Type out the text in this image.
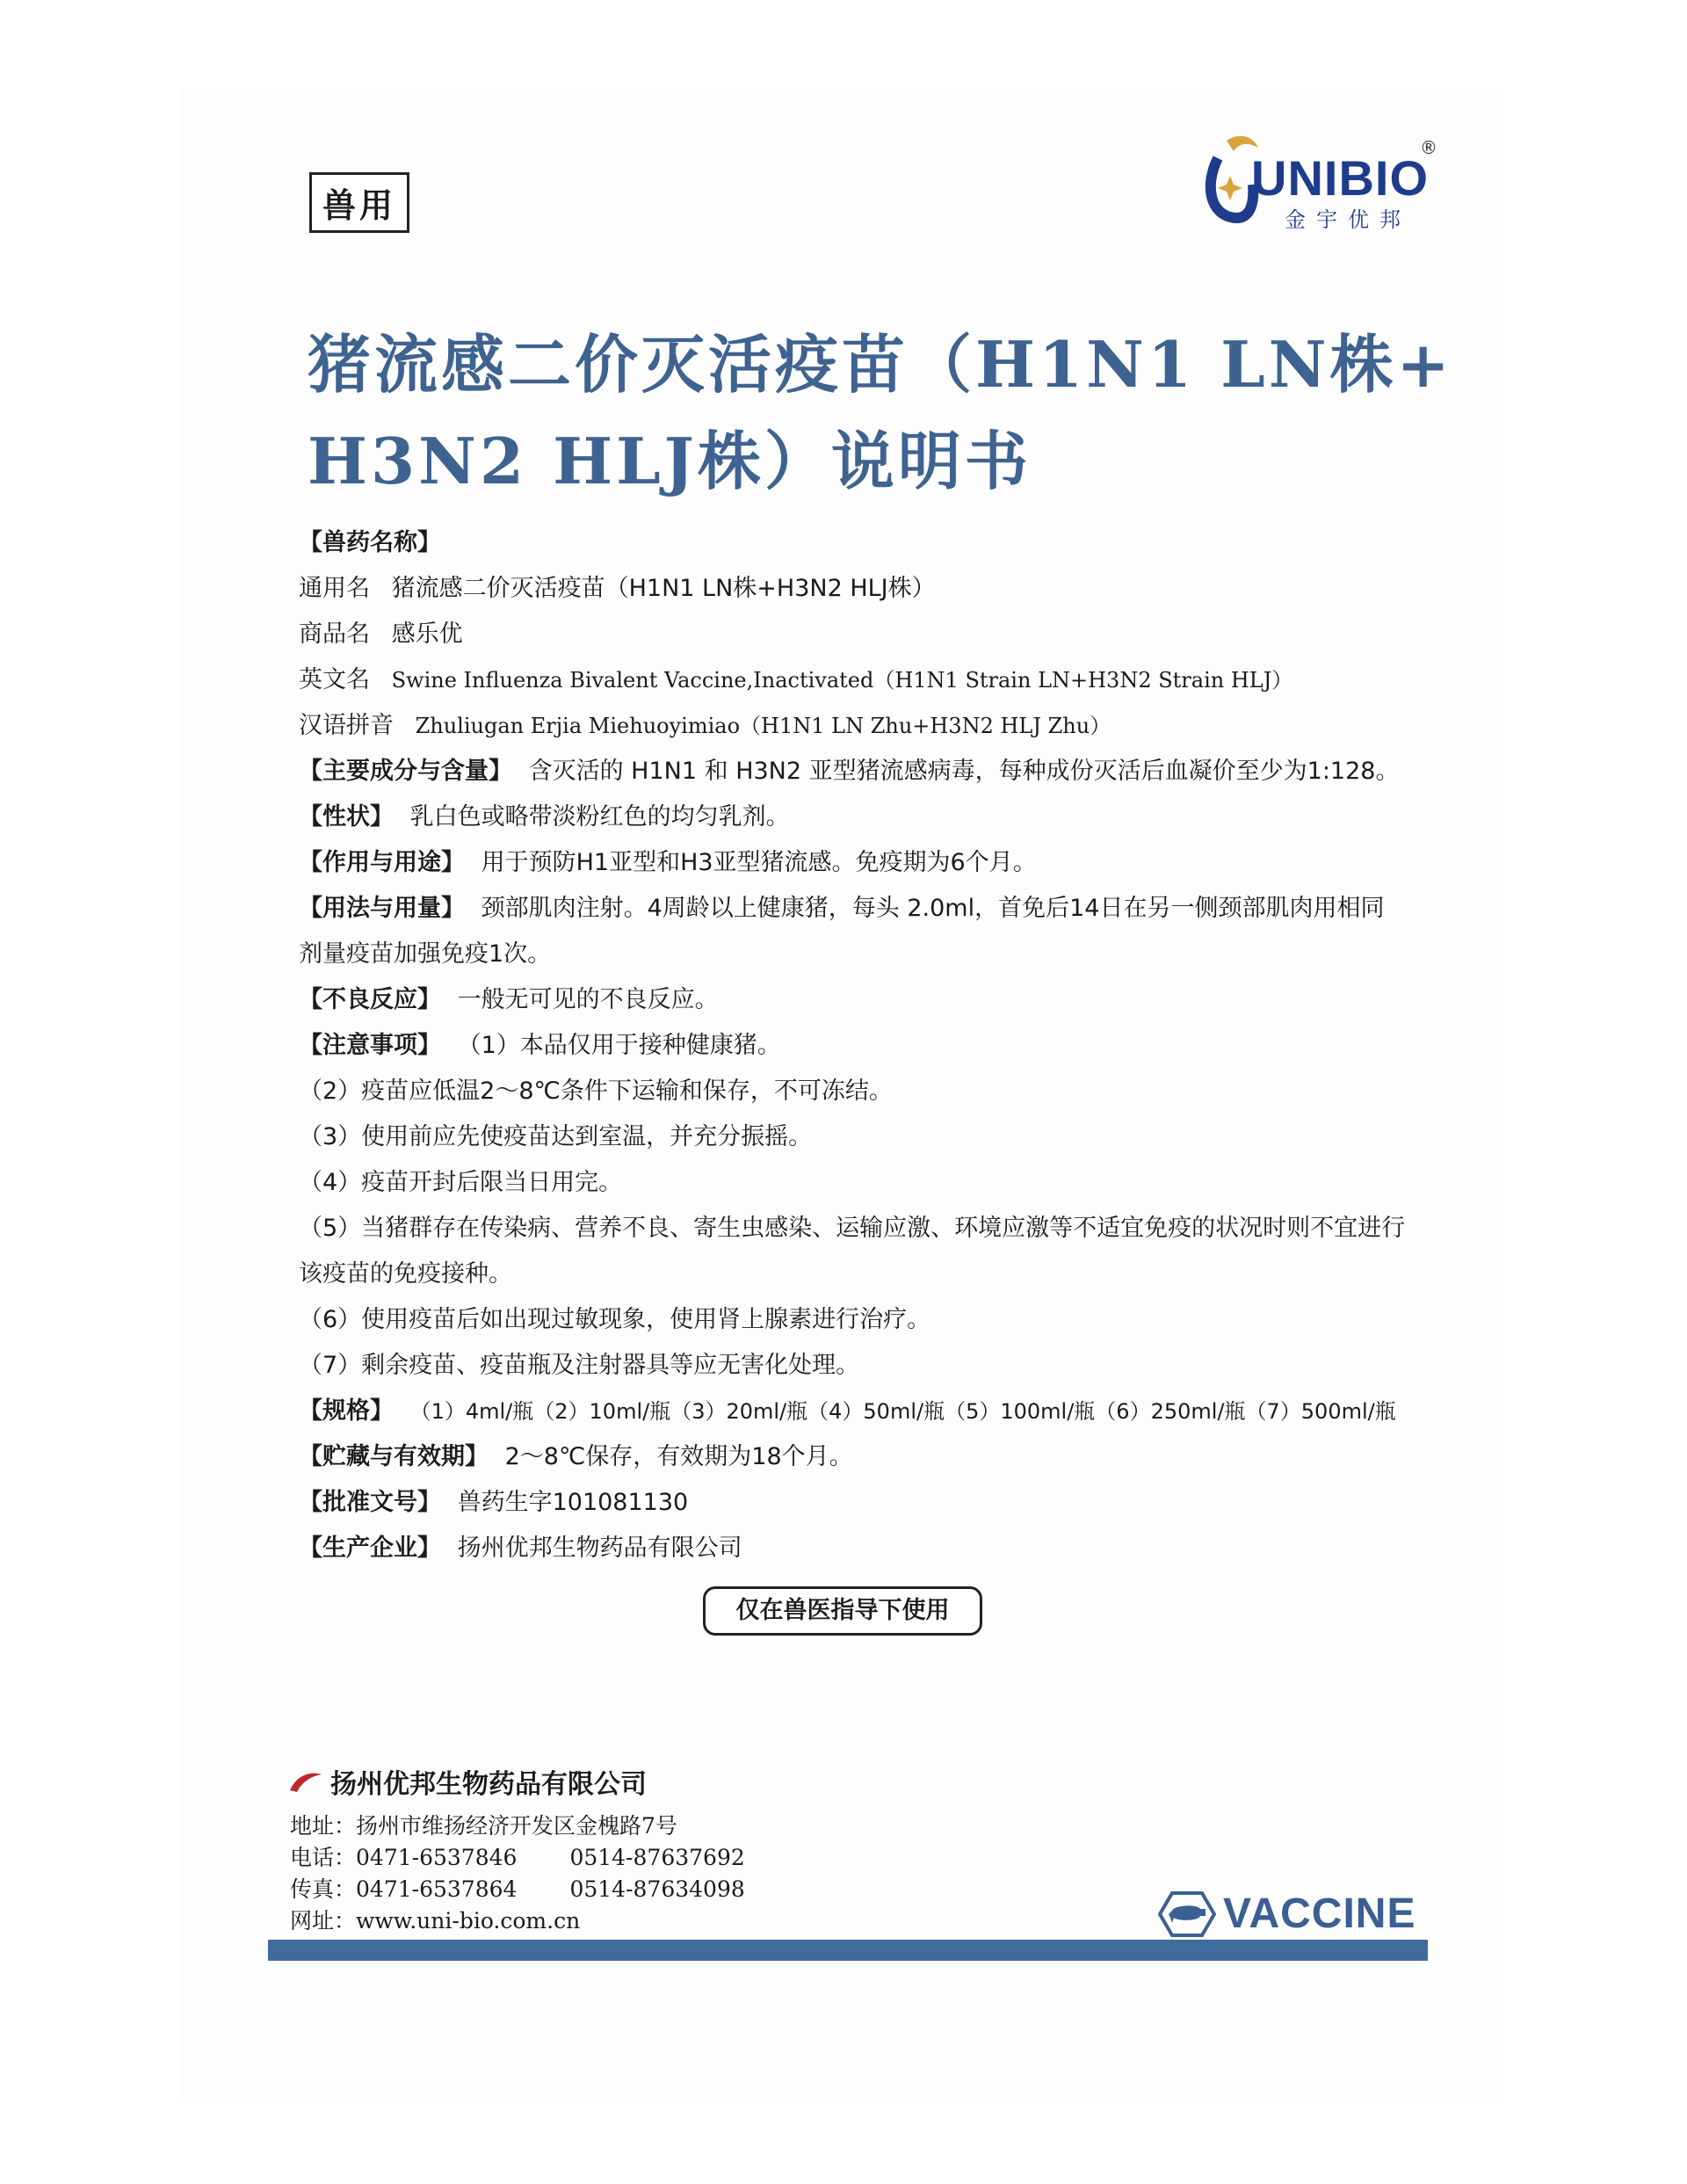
兽用	UNIBIO
®
金宇优邦
猪流感二价灭活疫苗（H1N1 LN株+
H3N2 HLJ株）说明书
【兽药名称】
通用名 猪流感二价灭活疫苗（H1N1 LN株+H3N2 HLJ株）
商品名 感乐优
英文名 Swine Influenza Bivalent Vaccine,Inactivated（H1N1 Strain LN+H3N2 Strain HLJ）
汉语拼音 Zhuliugan Erjia Miehuoyimiao（H1N1 LN Zhu+H3N2 HLJ Zhu）
【主要成分与含量】 含灭活的 H1N1 和 H3N2 亚型猪流感病毒，每种成份灭活后血凝价至少为1:128。
【性状】 乳白色或略带淡粉红色的均匀乳剂。
【作用与用途】 用于预防H1亚型和H3亚型猪流感。免疫期为6个月。
【用法与用量】 颈部肌肉注射。4周龄以上健康猪，每头 2.0ml，首免后14日在另一侧颈部肌肉用相同
剂量疫苗加强免疫1次。
【不良反应】 一般无可见的不良反应。
【注意事项】 （1）本品仅用于接种健康猪。
（2）疫苗应低温2～8℃条件下运输和保存，不可冻结。
（3）使用前应先使疫苗达到室温，并充分振摇。
（4）疫苗开封后限当日用完。
（5）当猪群存在传染病、营养不良、寄生虫感染、运输应激、环境应激等不适宜免疫的状况时则不宜进行
该疫苗的免疫接种。
（6）使用疫苗后如出现过敏现象，使用肾上腺素进行治疗。
（7）剩余疫苗、疫苗瓶及注射器具等应无害化处理。
【规格】 （1）4ml/瓶（2）10ml/瓶（3）20ml/瓶（4）50ml/瓶（5）100ml/瓶（6）250ml/瓶（7）500ml/瓶
【贮藏与有效期】 2～8℃保存，有效期为18个月。
【批准文号】 兽药生字101081130
【生产企业】 扬州优邦生物药品有限公司
仅在兽医指导下使用
扬州优邦生物药品有限公司
地址：扬州市维扬经济开发区金槐路7号
电话：0471-6537846 0514-87637692
传真：0471-6537864 0514-87634098
网址：www.uni-bio.com.cn	VACCINE
